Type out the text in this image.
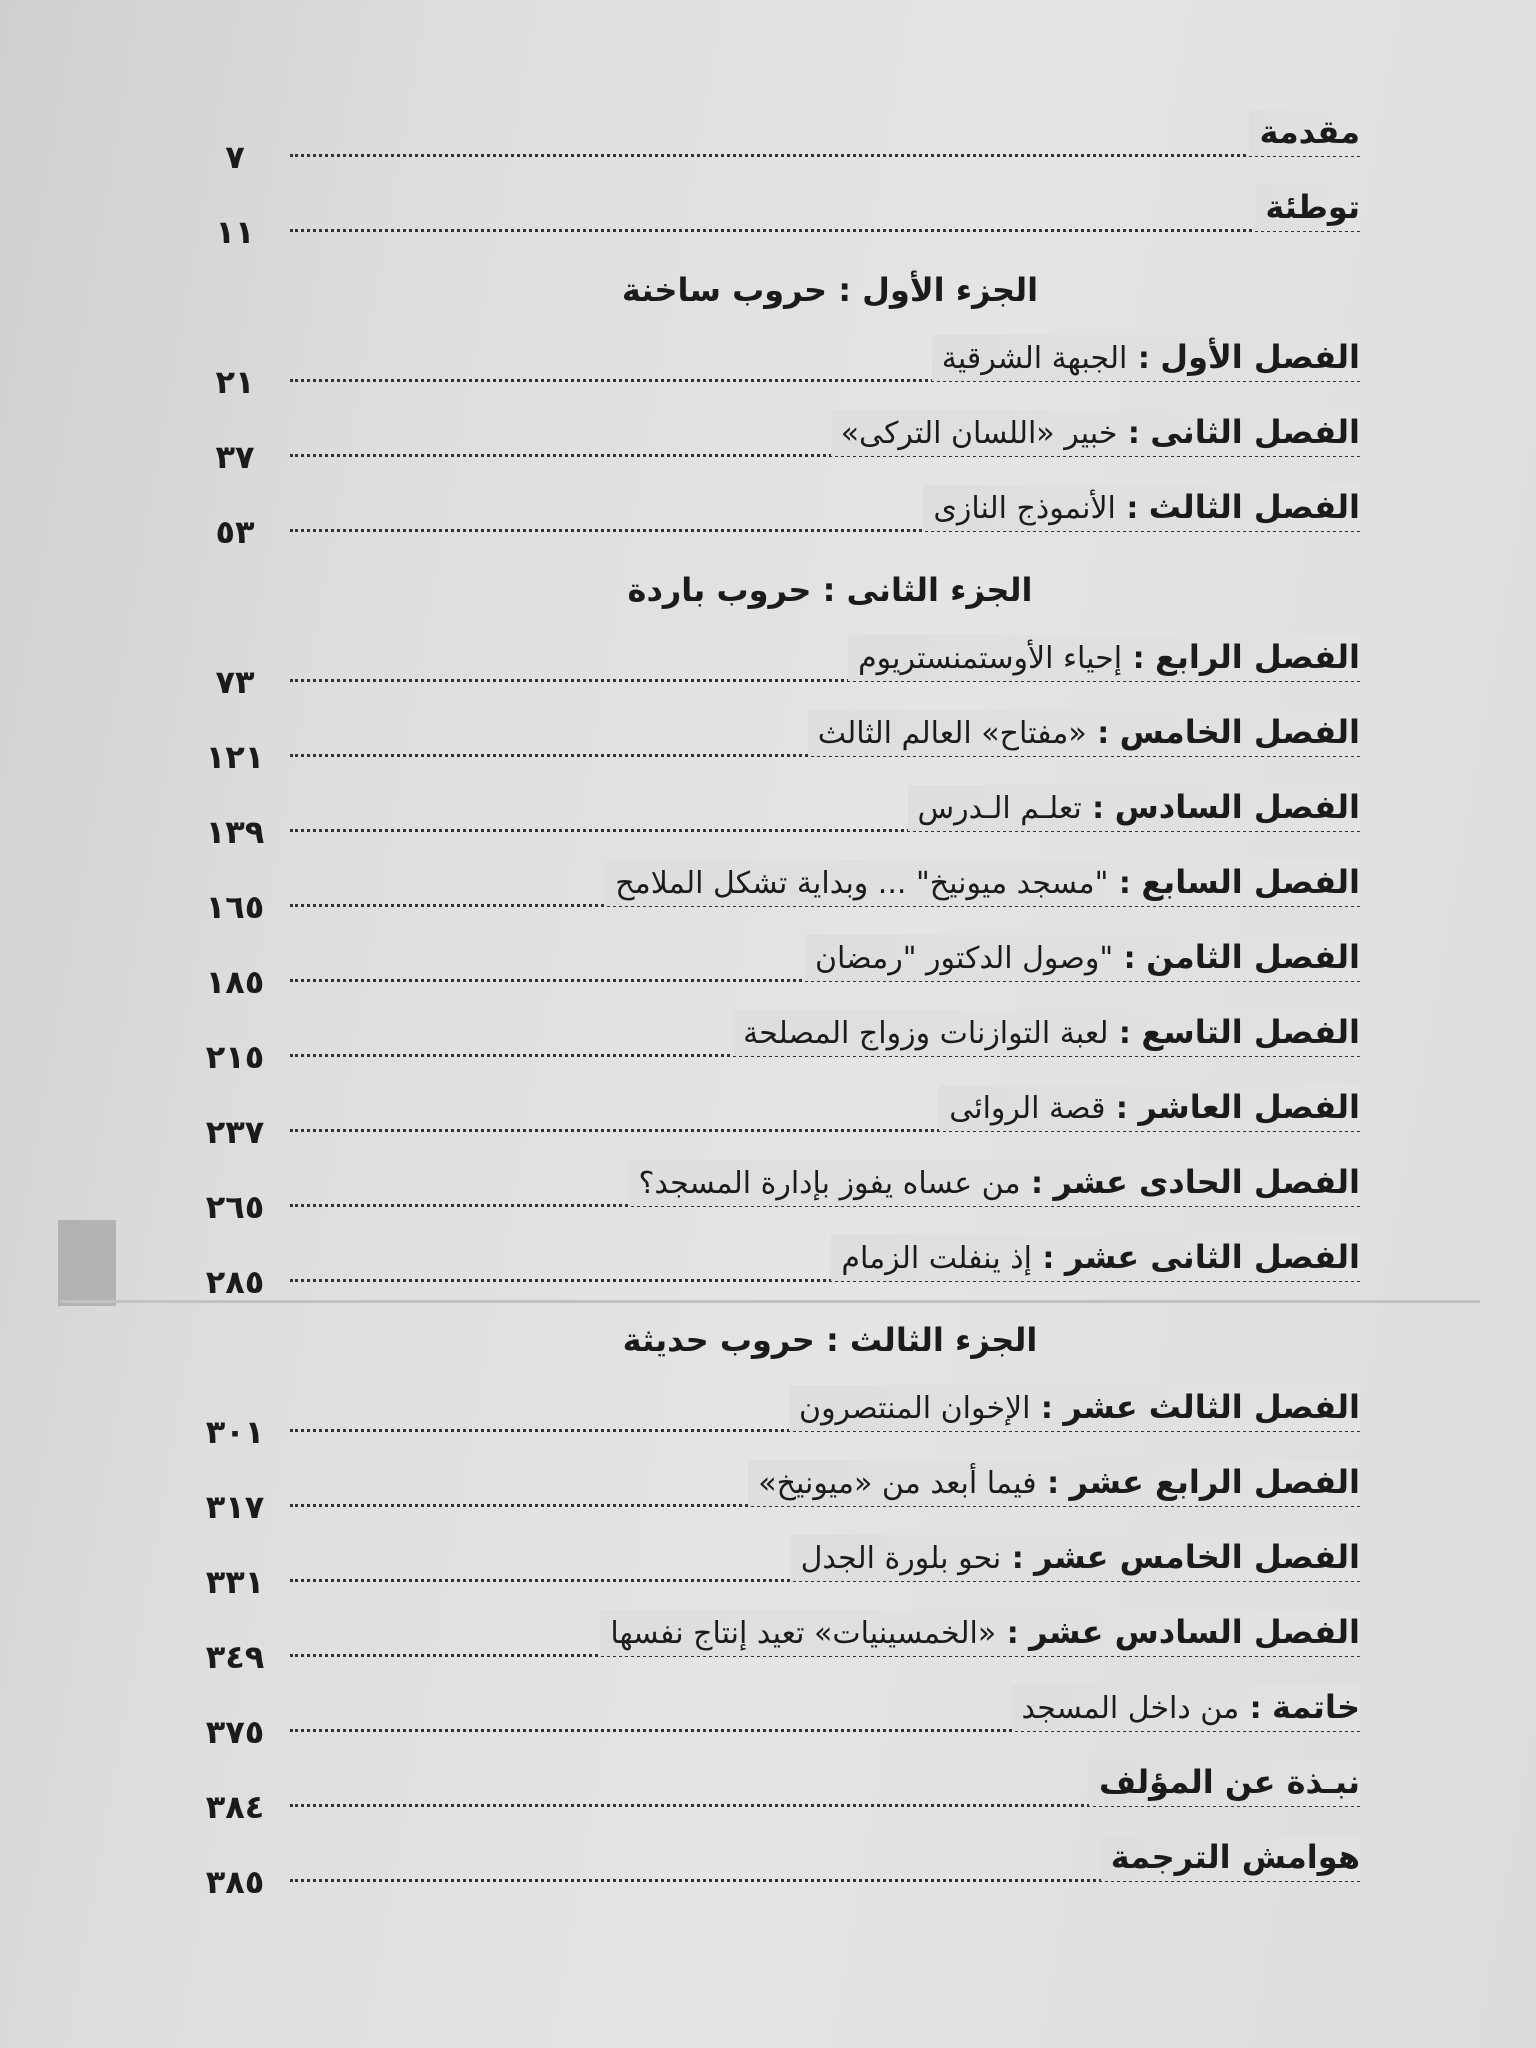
مقدمة
٧
توطئة
١١
الجزء الأول : حروب ساخنة
الفصل الأول : الجبهة الشرقية
٢١
الفصل الثانى : خبير «اللسان التركى»
٣٧
الفصل الثالث : الأنموذج النازى
٥٣
الجزء الثانى : حروب باردة
الفصل الرابع : إحياء الأوستمنستريوم
٧٣
الفصل الخامس : «مفتاح» العالم الثالث
١٢١
الفصل السادس : تعلـم الـدرس
١٣٩
الفصل السابع : "مسجد ميونيخ" ... وبداية تشكل الملامح
١٦٥
الفصل الثامن : "وصول الدكتور "رمضان
١٨٥
الفصل التاسع : لعبة التوازنات وزواج المصلحة
٢١٥
الفصل العاشر : قصة الروائى
٢٣٧
الفصل الحادى عشر : من عساه يفوز بإدارة المسجد؟
٢٦٥
الفصل الثانى عشر : إذ ينفلت الزمام
٢٨٥
الجزء الثالث : حروب حديثة
الفصل الثالث عشر : الإخوان المنتصرون
٣٠١
الفصل الرابع عشر : فيما أبعد من «ميونيخ»
٣١٧
الفصل الخامس عشر : نحو بلورة الجدل
٣٣١
الفصل السادس عشر : «الخمسينيات» تعيد إنتاج نفسها
٣٤٩
خاتمة : من داخل المسجد
٣٧٥
نبـذة عن المؤلف
٣٨٤
هوامش الترجمة
٣٨٥
